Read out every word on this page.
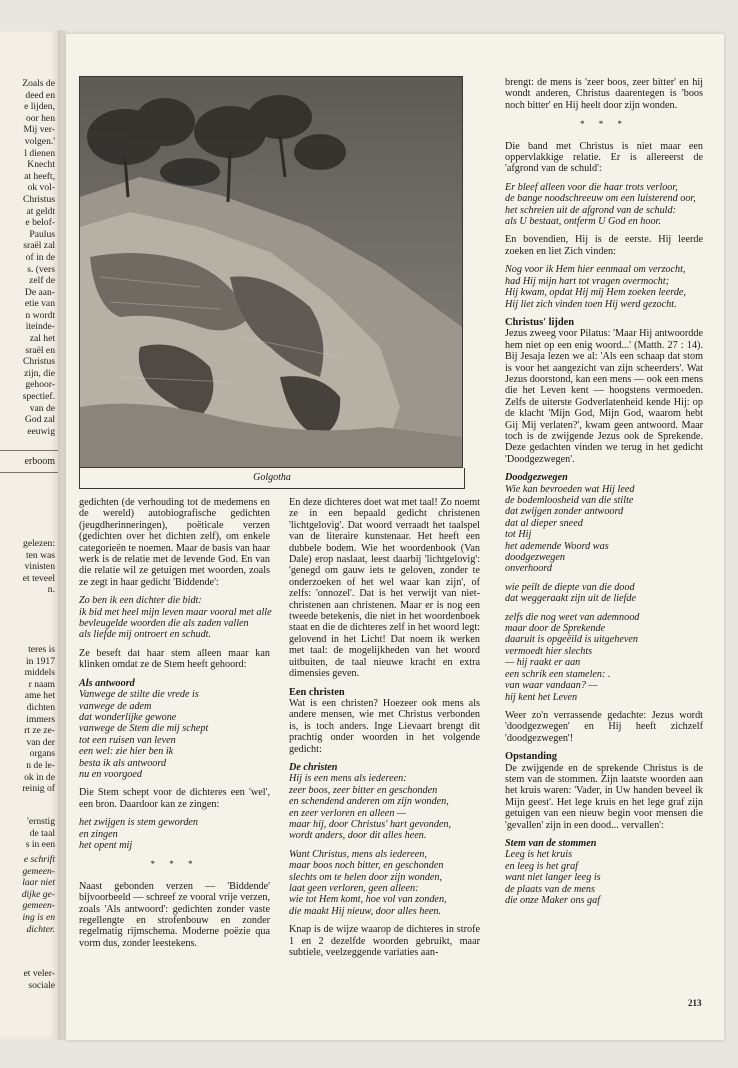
Zoals de
deed en
e lijden,
oor hen
Mij ver-
volgen.'
l dienen
Knecht
at heeft,
ok vol-
Christus
at geldt
e belof-
Paulus
sraël zal
of in de
s. (vers
zelf de
De aan-
etie van
n wordt
iteinde-
zal het
sraël en
Christus
zijn, die
gehoor-
spectief.
van de
God zal
eeuwig
erboom
gelezen:
ten was
vinisten
et teveel
n.
teres is
in 1917
middels
r naam
ame het
dichten
immers
rt ze ze-
van der
organs
n de le-
ok in de
reinig of
'ernstig
de taal
s in een
e schrift
gemeen-
laar niet
dijke ge-
gemeen-
ing is en
dichter.
et veler-
sociale
Golgotha

gedichten (de verhouding tot de medemens en de wereld) autobiografische gedichten (jeugdherinneringen), poëticale verzen (gedichten over het dichten zelf), om enkele categorieën te noemen. Maar de basis van haar werk is de relatie met de levende God. En van die relatie wil ze getuigen met woorden, zoals ze zegt in haar gedicht 'Biddende':

Zo ben ik een dichter die bidt:
ik bid met heel mijn leven maar vooral met alle
bevleugelde woorden die als zaden vallen
als liefde mij ontroert en schudt.

Ze beseft dat haar stem alleen maar kan klinken omdat ze de Stem heeft gehoord:

Als antwoord
Vanwege de stilte die vrede is
vanwege de adem
dat wonderlijke gewone
vanwege de Stem die mij schept
tot een ruisen van leven
een wel: zie hier ben ik
besta ik als antwoord
nu en voorgoed

Die Stem schept voor de dichteres een 'wel', een bron. Daardoor kan ze zingen:

het zwijgen is stem geworden
en zingen
het opent mij
* * *

Naast gebonden verzen — 'Biddende' bijvoorbeeld — schreef ze vooral vrije verzen, zoals 'Als antwoord': gedichten zonder vaste regellengte en strofenbouw en zonder regelmatig rijmschema. Moderne poëzie qua vorm dus, zonder leestekens.

En deze dichteres doet wat met taal! Zo noemt ze in een bepaald gedicht christenen 'lichtgelovig'. Dat woord verraadt het taalspel van de literaire kunstenaar. Het heeft een dubbele bodem. Wie het woordenbook (Van Dale) erop naslaat, leest daarbij 'lichtgelovig': 'genegd om gauw iets te geloven, zonder te onderzoeken of het wel waar kan zijn', of zelfs: 'onnozel'. Dat is het verwijt van niet-christenen aan christenen. Maar er is nog een tweede betekenis, die niet in het woordenboek staat en die de dichteres zelf in het woord legt: gelovend in het Licht! Dat noem ik werken met taal: de mogelijkheden van het woord uitbuiten, de taal nieuwe kracht en extra dimensies geven.

Een christen

Wat is een christen? Hoezeer ook mens als andere mensen, wie met Christus verbonden is, is toch anders. Inge Lievaart brengt dit prachtig onder woorden in het volgende gedicht:

De christen
Hij is een mens als iedereen:
zeer boos, zeer bitter en geschonden
en schendend anderen om zijn wonden,
en zeer verloren en alleen —
maar hij, door Christus' hart gevonden,
wordt anders, door dit alles heen.
Want Christus, mens als iedereen,
maar boos noch bitter, en geschonden
slechts om te helen door zijn wonden,
laat geen verloren, geen alleen:
wie tot Hem komt, hoe vol van zonden,
die maakt Hij nieuw, door alles heen.

Knap is de wijze waarop de dichteres in strofe 1 en 2 dezelfde woorden gebruikt, maar subtiele, veelzeggende variaties aan-

brengt: de mens is 'zeer boos, zeer bitter' en hij wondt anderen, Christus daarentegen is 'boos noch bitter' en Hij heelt door zijn wonden.

* * *

Die band met Christus is niet maar een oppervlakkige relatie. Er is allereerst de 'afgrond van de schuld':

Er bleef alleen voor die haar trots verloor,
de bange noodschreeuw om een luisterend oor,
het schreien uit de afgrond van de schuld:
als U bestaat, ontferm U God en hoor.

En bovendien, Hij is de eerste. Hij leerde zoeken en liet Zich vinden:

Nog voor ik Hem hier eenmaal om verzocht,
had Hij mijn hart tot vragen overmocht;
Hij kwam, opdat Hij mij Hem zoeken leerde,
Hij liet zich vinden toen Hij werd gezocht.
Christus' lijden

Jezus zweeg voor Pilatus: 'Maar Hij antwoordde hem niet op een enig woord...' (Matth. 27 : 14). Bij Jesaja lezen we al: 'Als een schaap dat stom is voor het aangezicht van zijn scheerders'. Wat Jezus doorstond, kan een mens — ook een mens die het Leven kent — hoogstens vermoeden. Zelfs de uiterste Godverlatenheid kende Hij: op de klacht 'Mijn God, Mijn God, waarom hebt Gij Mij verlaten?', kwam geen antwoord. Maar toch is de zwijgende Jezus ook de Sprekende. Deze gedachten vinden we terug in het gedicht 'Doodgezwegen'.

Doodgezwegen
Wie kan bevroeden wat Hij leed
de bodemloosheid van die stilte
dat zwijgen zonder antwoord
dat al dieper sneed
tot Hij
het ademende Woord was
doodgezwegen
onverhoord
wie peilt de diepte van die dood
dat weggeraakt zijn uit de liefde
zelfs die nog weet van ademnood
maar door de Sprekende
daaruit is opgeëild is uitgeheven
vermoedt hier slechts
— hij raakt er aan
een schrik een stamelen: .
van waar vandaan? —
hij kent het Leven

Weer zo'n verrassende gedachte: Jezus wordt 'doodgezwegen' en Hij heeft zichzelf 'doodgezwegen'!

Opstanding

De zwijgende en de sprekende Christus is de stem van de stommen. Zijn laatste woorden aan het kruis waren: 'Vader, in Uw handen beveel ik Mijn geest'. Het lege kruis en het lege graf zijn getuigen van een nieuw begin voor mensen die 'gevallen' zijn in een dood... vervallen':

Stem van de stommen
Leeg is het kruis
en leeg is het graf
want niet langer leeg is
de plaats van de mens
die onze Maker ons gaf
213
